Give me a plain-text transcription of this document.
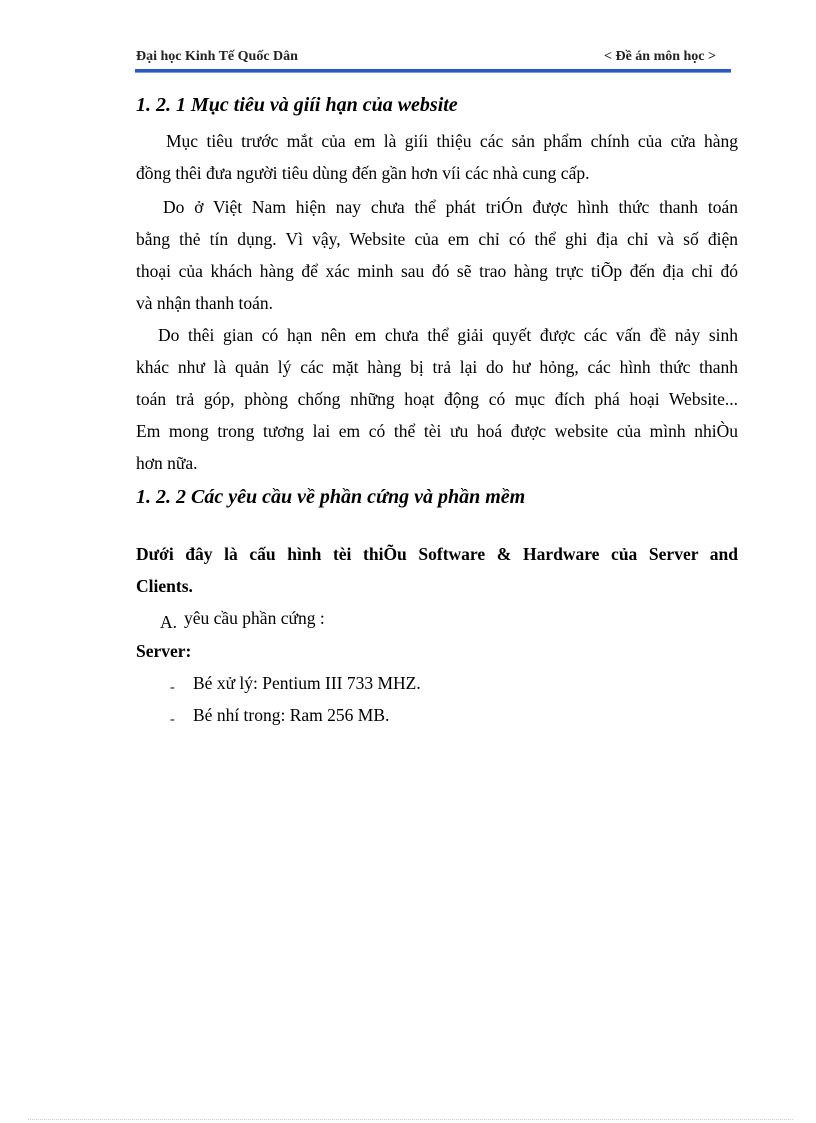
Đại học Kinh Tế Quốc Dân	< Đề án môn học >
1. 2. 1 Mục tiêu và giíi hạn của website
Mục tiêu trước mắt của em là giíi thiệu các sản phẩm chính của cửa hàng
đồng thêi đưa người tiêu dùng đến gần hơn víi các nhà cung cấp.
Do ở Việt Nam hiện nay chưa thể phát triÓn được hình thức thanh toán
bằng thẻ tín dụng. Vì vậy, Website của em chỉ có thể ghi địa chỉ và số điện
thoại của khách hàng để xác minh sau đó sẽ trao hàng trực tiÕp đến địa chỉ đó
và nhận thanh toán.
Do thêi gian có hạn nên em chưa thể giải quyết được các vấn đề nảy sinh
khác như là quản lý các mặt hàng bị trả lại do hư hỏng, các hình thức thanh
toán trả góp, phòng chống những hoạt động có mục đích phá hoại Website...
Em mong trong tương lai em có thể tèi ưu hoá được website của mình nhiÒu
hơn nữa.
1. 2. 2 Các yêu cầu về phần cứng và phần mềm
Dưới đây là cấu hình tèi thiÕu Software & Hardware của Server and
Clients.
A. yêu cầu phần cứng :
Server:
- Bé xử lý: Pentium III 733 MHZ.
- Bé nhí trong: Ram 256 MB.
